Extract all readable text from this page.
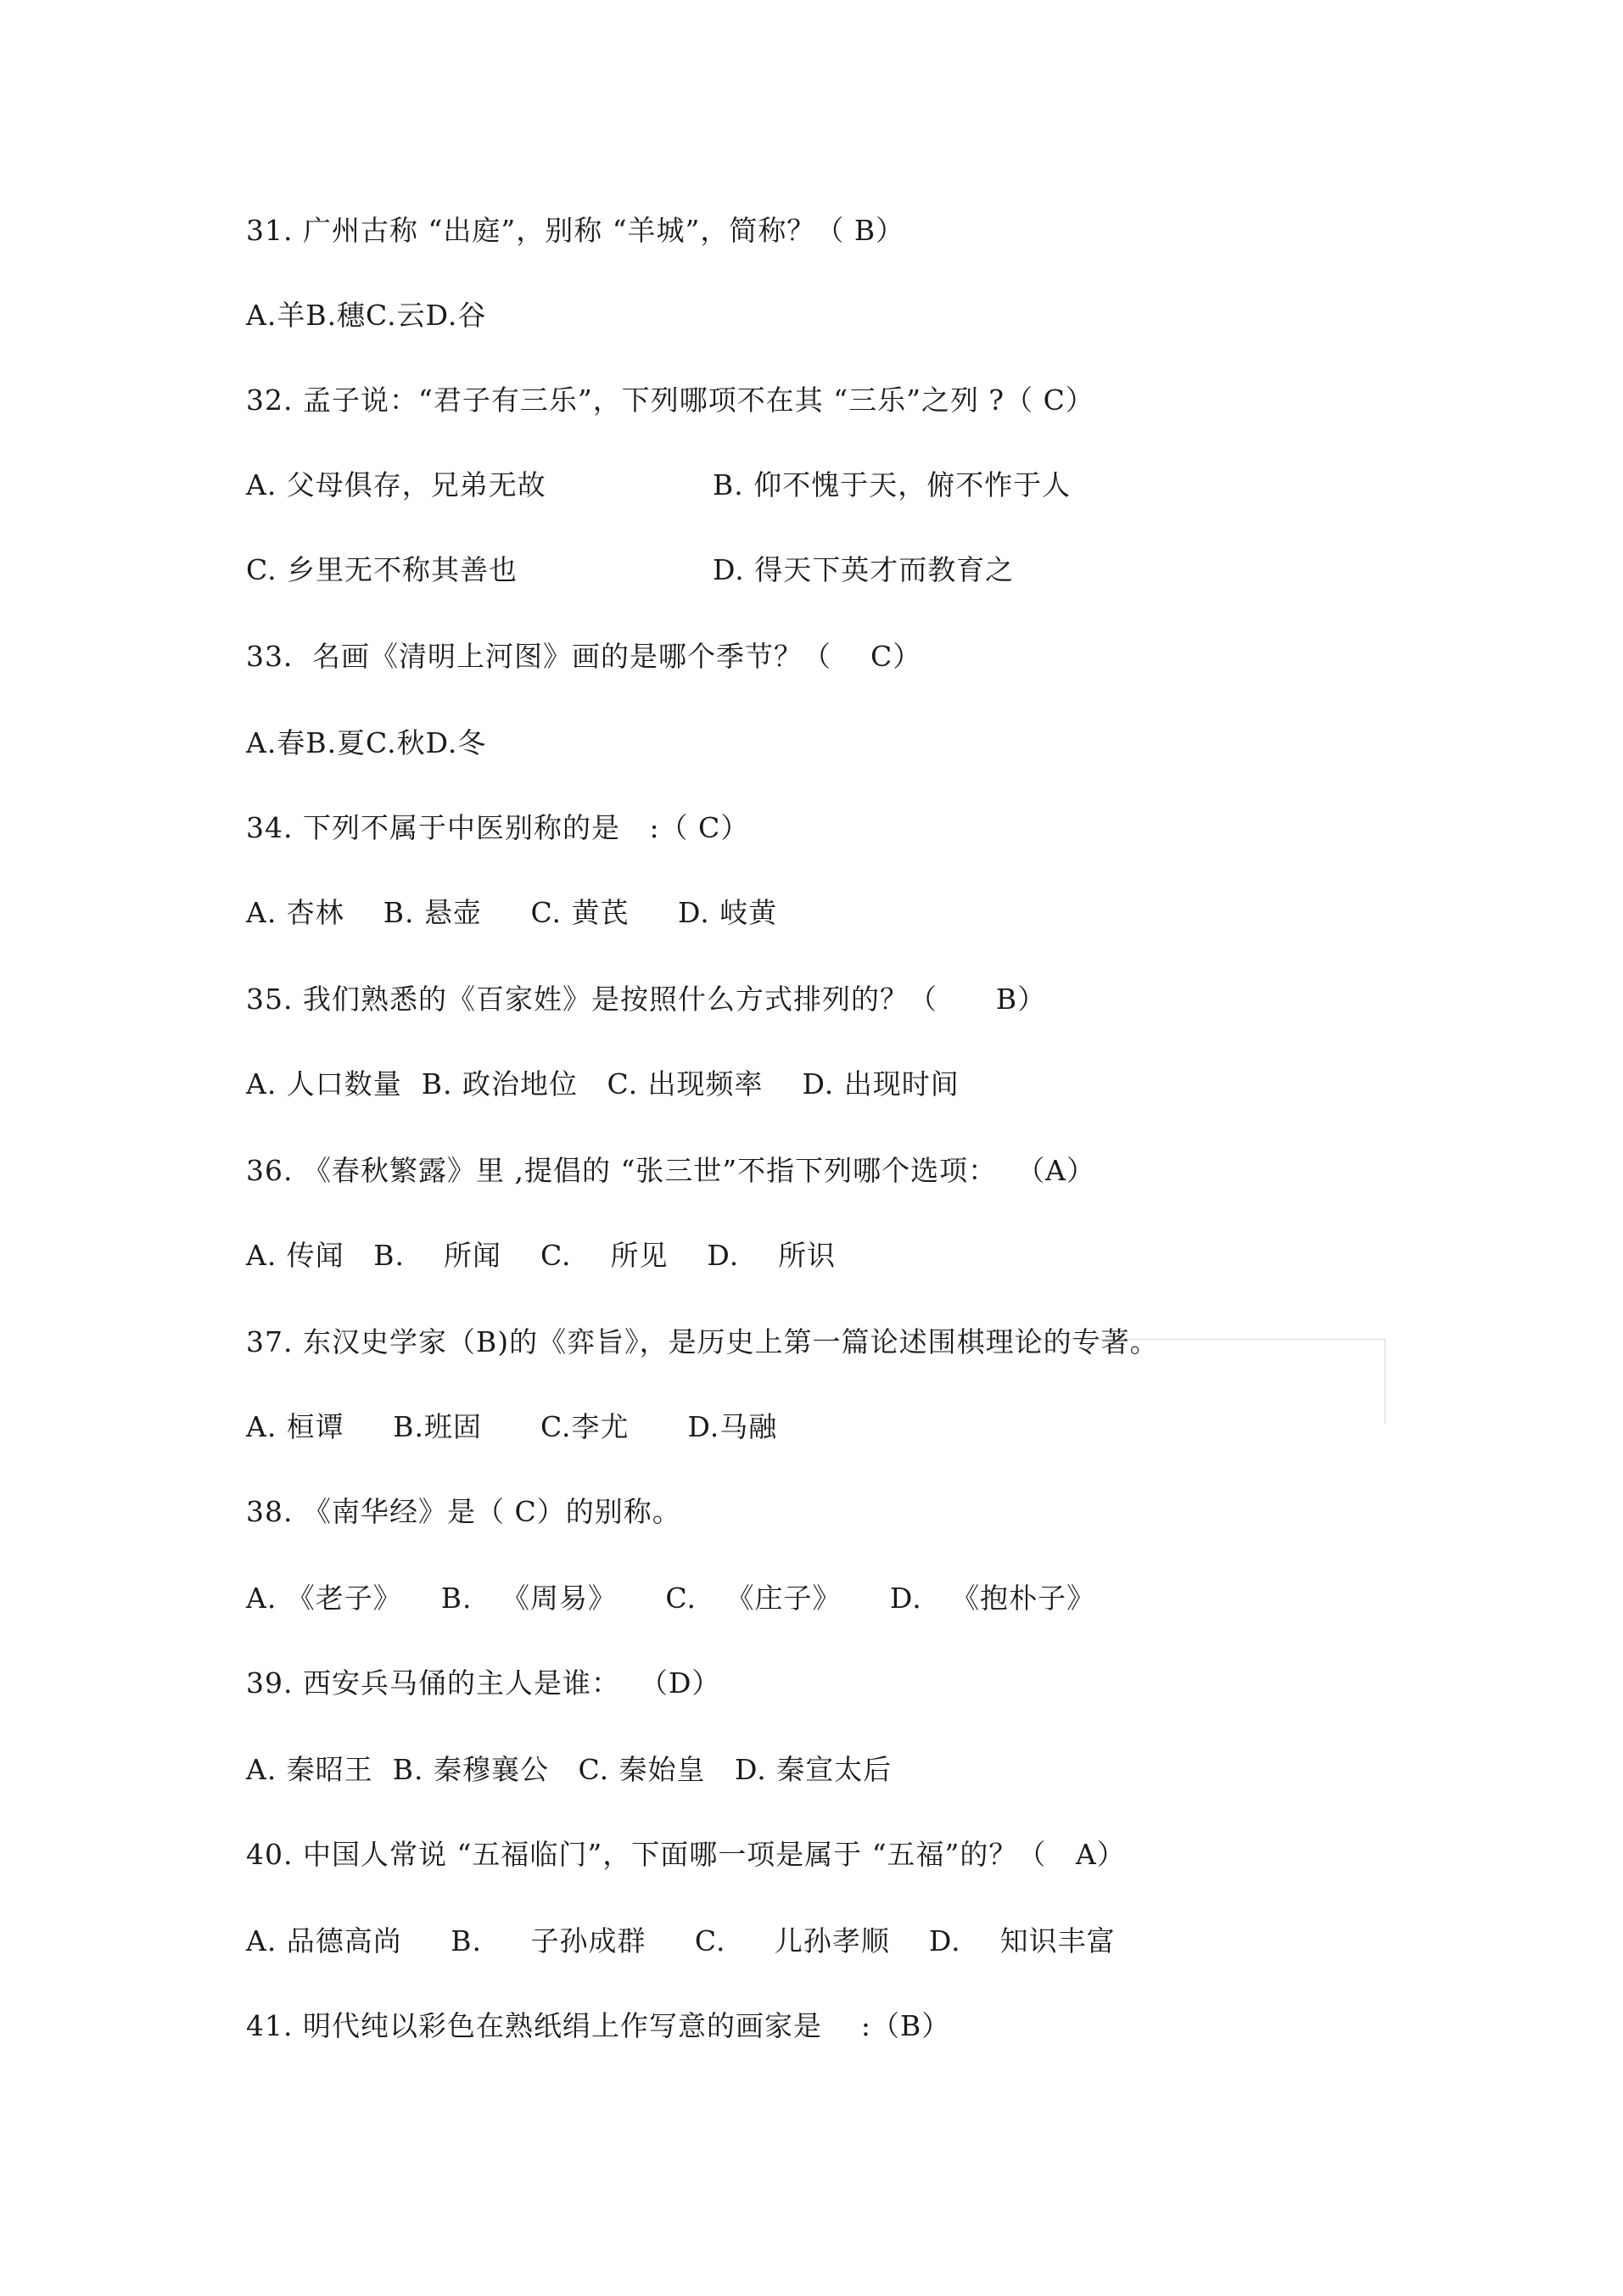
31. 广州古称 “出庭”，别称 “羊城”，简称？（ B）
A.羊B.穗C.云D.谷
32. 孟子说：“君子有三乐”，下列哪项不在其 “三乐”之列 ?（ C）
A. 父母俱存，兄弟无故	B. 仰不愧于天，俯不怍于人
C. 乡里无不称其善也	D. 得天下英才而教育之
33．名画《清明上河图》画的是哪个季节？（    C）
A.春B.夏C.秋D.冬
34. 下列不属于中医别称的是   :（ C）
A. 杏林    B. 悬壶     C. 黄芪     D. 岐黄
35. 我们熟悉的《百家姓》是按照什么方式排列的？（      B）
A. 人口数量  B. 政治地位   C. 出现频率    D. 出现时间
36. 《春秋繁露》里 ,提倡的 “张三世”不指下列哪个选项：  （A）
A. 传闻   B.    所闻    C.    所见    D.    所识
37. 东汉史学家（B)的《弈旨》，是历史上第一篇论述围棋理论的专著。
A. 桓谭     B.班固      C.李尤      D.马融
38. 《南华经》是（ C）的别称。
A. 《老子》    B.   《周易》     C.   《庄子》     D.   《抱朴子》
39. 西安兵马俑的主人是谁：  （D）
A. 秦昭王  B. 秦穆襄公   C. 秦始皇   D. 秦宣太后
40. 中国人常说 “五福临门”，下面哪一项是属于 “五福”的？（   A）
A. 品德高尚     B.     子孙成群     C.     儿孙孝顺    D.    知识丰富
41. 明代纯以彩色在熟纸绢上作写意的画家是    :（B）
